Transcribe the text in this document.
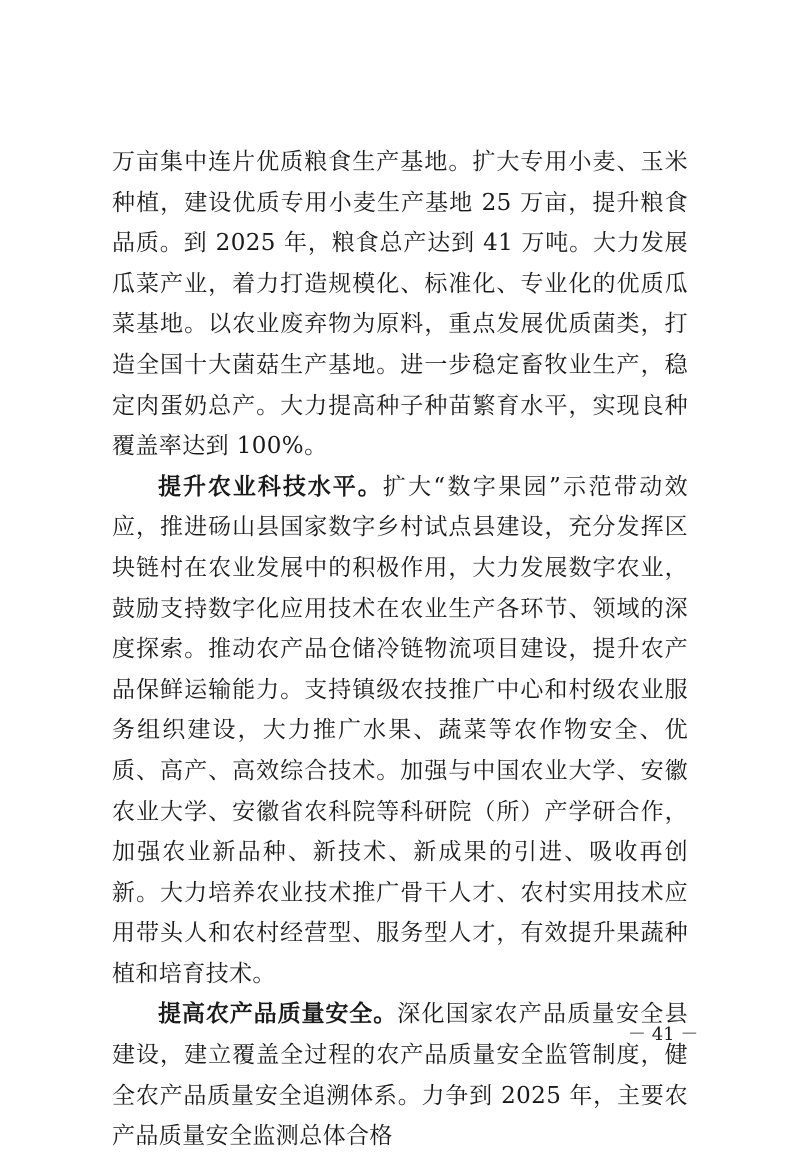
万亩集中连片优质粮食生产基地。扩大专用小麦、玉米种植，建设优质专用小麦生产基地 25 万亩，提升粮食品质。到 2025 年，粮食总产达到 41 万吨。大力发展瓜菜产业，着力打造规模化、标准化、专业化的优质瓜菜基地。以农业废弃物为原料，重点发展优质菌类，打造全国十大菌菇生产基地。进一步稳定畜牧业生产，稳定肉蛋奶总产。大力提高种子种苗繁育水平，实现良种覆盖率达到 100%。

提升农业科技水平。扩大“数字果园”示范带动效应，推进砀山县国家数字乡村试点县建设，充分发挥区块链村在农业发展中的积极作用，大力发展数字农业，鼓励支持数字化应用技术在农业生产各环节、领域的深度探索。推动农产品仓储冷链物流项目建设，提升农产品保鲜运输能力。支持镇级农技推广中心和村级农业服务组织建设，大力推广水果、蔬菜等农作物安全、优质、高产、高效综合技术。加强与中国农业大学、安徽农业大学、安徽省农科院等科研院（所）产学研合作，加强农业新品种、新技术、新成果的引进、吸收再创新。大力培养农业技术推广骨干人才、农村实用技术应用带头人和农村经营型、服务型人才，有效提升果蔬种植和培育技术。

提高农产品质量安全。深化国家农产品质量安全县建设，建立覆盖全过程的农产品质量安全监管制度，健全农产品质量安全追溯体系。力争到 2025 年，主要农产品质量安全监测总体合格

－ 41 －
